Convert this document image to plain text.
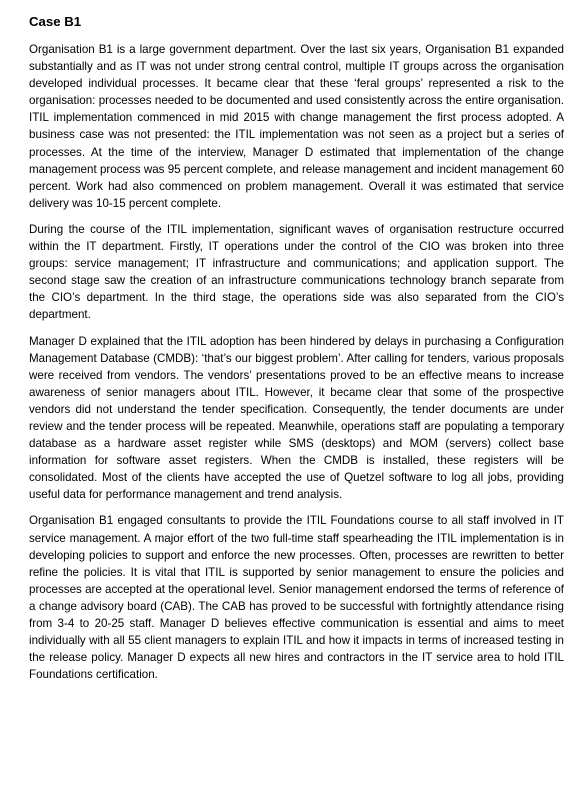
Case B1

Organisation B1 is a large government department. Over the last six years, Organisation B1 expanded substantially and as IT was not under strong central control, multiple IT groups across the organisation developed individual processes. It became clear that these ‘feral groups’ represented a risk to the organisation: processes needed to be documented and used consistently across the entire organisation. ITIL implementation commenced in mid 2015 with change management the first process adopted. A business case was not presented: the ITIL implementation was not seen as a project but a series of processes. At the time of the interview, Manager D estimated that implementation of the change management process was 95 percent complete, and release management and incident management 60 percent. Work had also commenced on problem management. Overall it was estimated that service delivery was 10-15 percent complete.

During the course of the ITIL implementation, significant waves of organisation restructure occurred within the IT department. Firstly, IT operations under the control of the CIO was broken into three groups: service management; IT infrastructure and communications; and application support. The second stage saw the creation of an infrastructure communications technology branch separate from the CIO’s department. In the third stage, the operations side was also separated from the CIO’s department.

Manager D explained that the ITIL adoption has been hindered by delays in purchasing a Configuration Management Database (CMDB): ‘that’s our biggest problem’. After calling for tenders, various proposals were received from vendors. The vendors’ presentations proved to be an effective means to increase awareness of senior managers about ITIL. However, it became clear that some of the prospective vendors did not understand the tender specification. Consequently, the tender documents are under review and the tender process will be repeated. Meanwhile, operations staff are populating a temporary database as a hardware asset register while SMS (desktops) and MOM (servers) collect base information for software asset registers. When the CMDB is installed, these registers will be consolidated. Most of the clients have accepted the use of Quetzel software to log all jobs, providing useful data for performance management and trend analysis.

Organisation B1 engaged consultants to provide the ITIL Foundations course to all staff involved in IT service management. A major effort of the two full-time staff spearheading the ITIL implementation is in developing policies to support and enforce the new processes. Often, processes are rewritten to better refine the policies. It is vital that ITIL is supported by senior management to ensure the policies and processes are accepted at the operational level. Senior management endorsed the terms of reference of a change advisory board (CAB). The CAB has proved to be successful with fortnightly attendance rising from 3-4 to 20-25 staff. Manager D believes effective communication is essential and aims to meet individually with all 55 client managers to explain ITIL and how it impacts in terms of increased testing in the release policy. Manager D expects all new hires and contractors in the IT service area to hold ITIL Foundations certification.
